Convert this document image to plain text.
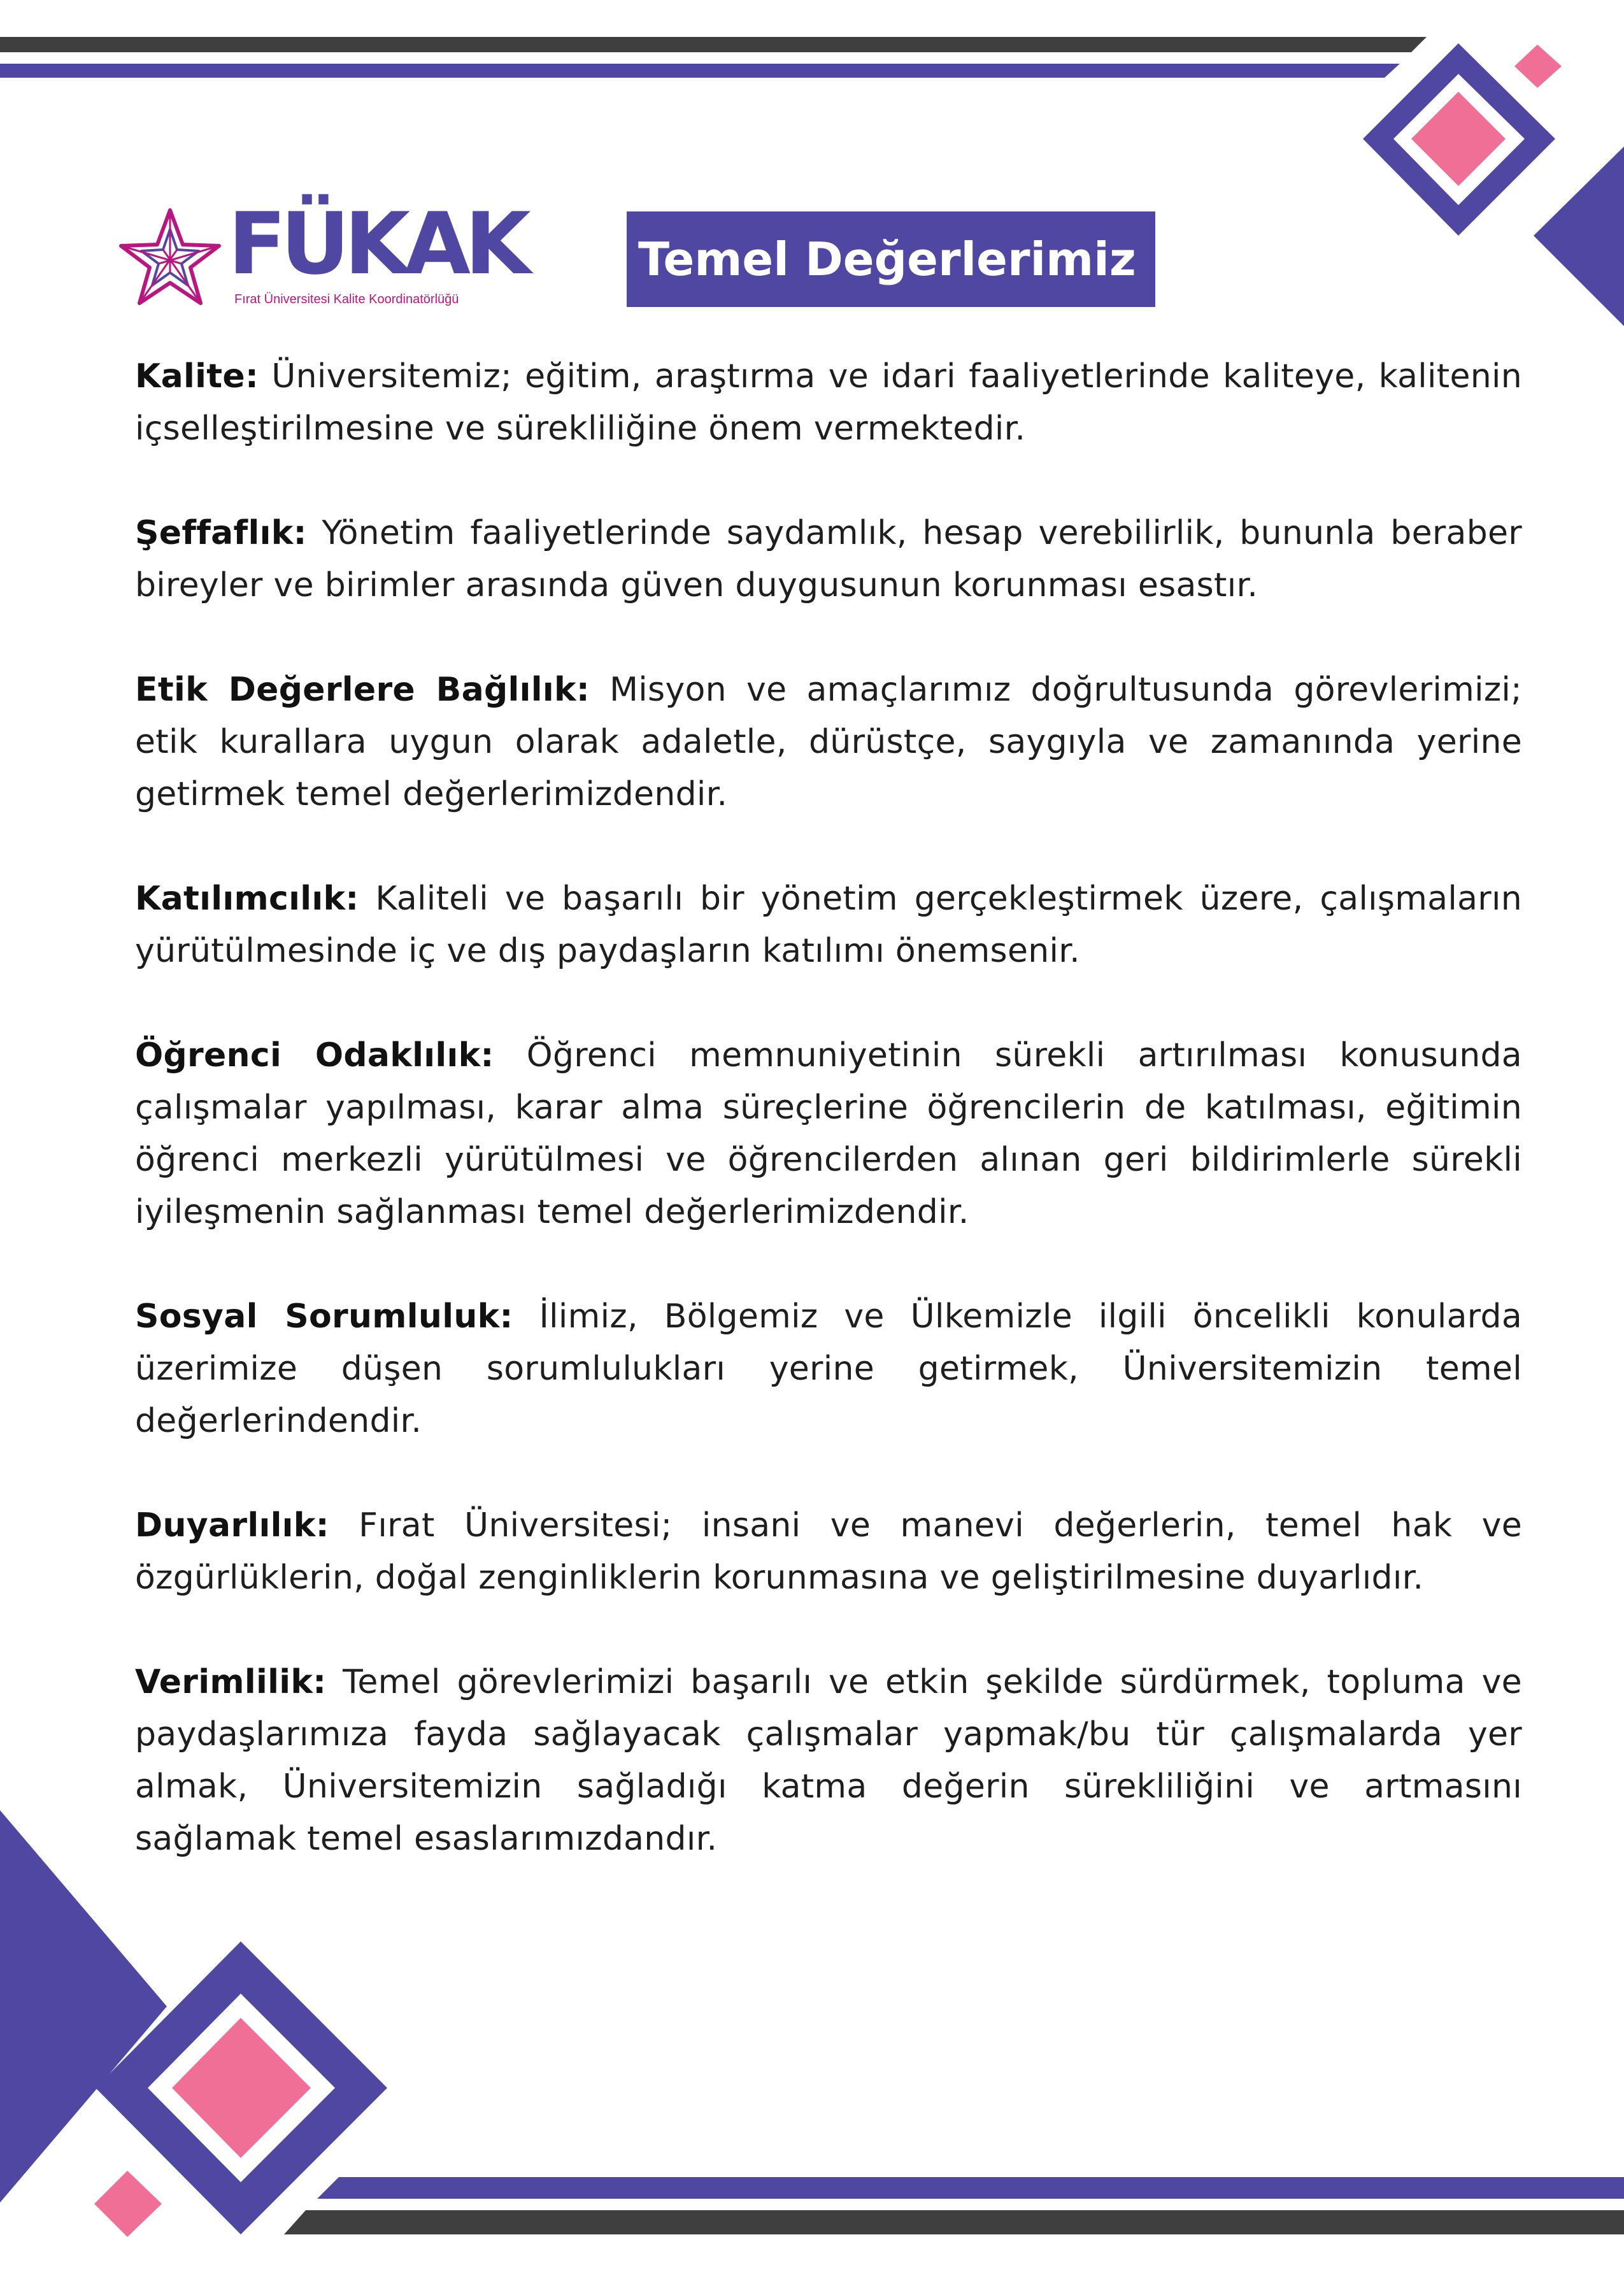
FÜKAK
Fırat Üniversitesi Kalite Koordinatörlüğü
Temel Değerlerimiz

Kalite: Üniversitemiz; eğitim, araştırma ve idari faaliyetlerinde kaliteye, kalitenin içselleştirilmesine ve sürekliliğine önem vermektedir.

Şeffaflık: Yönetim faaliyetlerinde saydamlık, hesap verebilirlik, bununla beraber bireyler ve birimler arasında güven duygusunun korunması esastır.

Etik Değerlere Bağlılık: Misyon ve amaçlarımız doğrultusunda görevlerimizi; etik kurallara uygun olarak adaletle, dürüstçe, saygıyla ve zamanında yerine getirmek temel değerlerimizdendir.

Katılımcılık: Kaliteli ve başarılı bir yönetim gerçekleştirmek üzere, çalışmaların yürütülmesinde iç ve dış paydaşların katılımı önemsenir.

Öğrenci Odaklılık: Öğrenci memnuniyetinin sürekli artırılması konusunda çalışmalar yapılması, karar alma süreçlerine öğrencilerin de katılması, eğitimin öğrenci merkezli yürütülmesi ve öğrencilerden alınan geri bildirimlerle sürekli iyileşmenin sağlanması temel değerlerimizdendir.

Sosyal Sorumluluk: İlimiz, Bölgemiz ve Ülkemizle ilgili öncelikli konularda üzerimize düşen sorumlulukları yerine getirmek, Üniversitemizin temel değerlerindendir.

Duyarlılık: Fırat Üniversitesi; insani ve manevi değerlerin, temel hak ve özgürlüklerin, doğal zenginliklerin korunmasına ve geliştirilmesine duyarlıdır.

Verimlilik: Temel görevlerimizi başarılı ve etkin şekilde sürdürmek, topluma ve paydaşlarımıza fayda sağlayacak çalışmalar yapmak/bu tür çalışmalarda yer almak, Üniversitemizin sağladığı katma değerin sürekliliğini ve artmasını sağlamak temel esaslarımızdandır.
